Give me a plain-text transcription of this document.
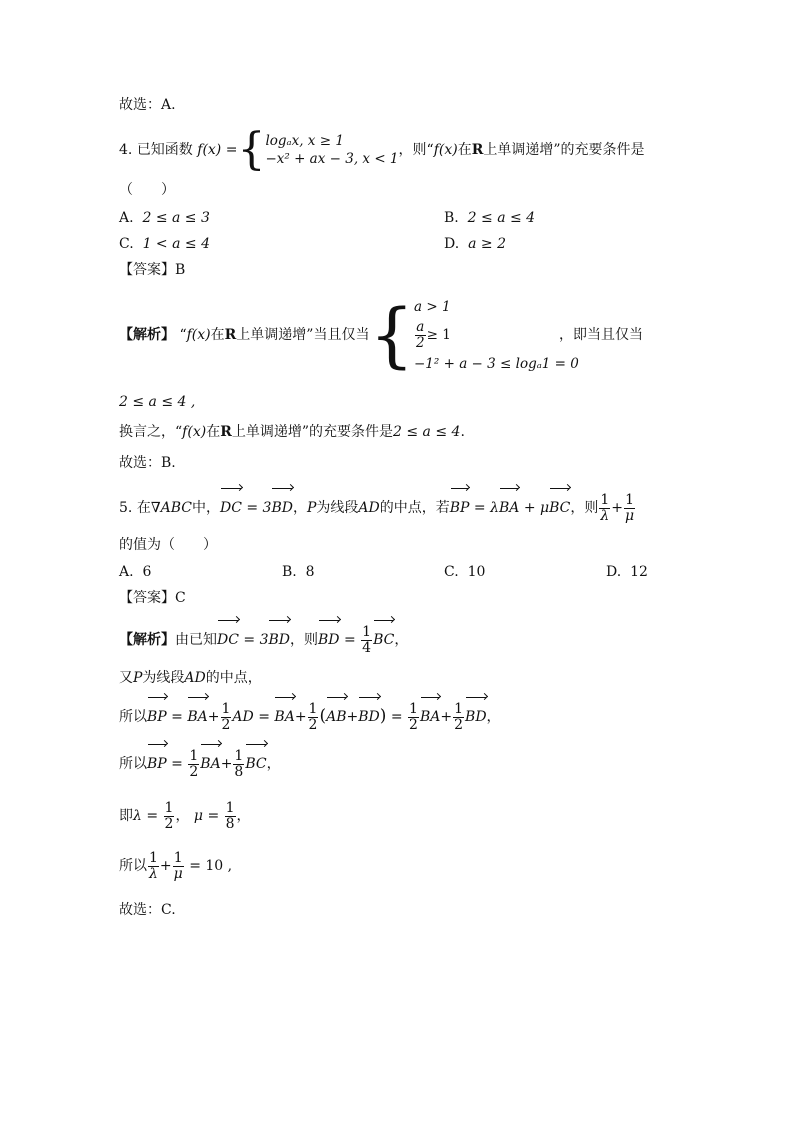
故选：A.
4. 已知函数 f(x) ={ logₐx, x ≥ 1
−x² + ax − 3, x < 1
，则“f(x)在R上单调递增”的充要条件是
（　　）
A. 2 ≤ a ≤ 3	B. 2 ≤ a ≤ 4
C. 1 < a ≤ 4	D. a ≥ 2
【答案】B
【解析】 “f(x)在R上单调递增”当且仅当{ a > 1
$\frac{a}{2} \ge 1$
−1² + a − 3 ≤ logₐ1 = 0
，即当且仅当
2 ≤ a ≤ 4 ,
换言之，“f(x)在R上单调递增”的充要条件是2 ≤ a ≤ 4.
故选：B.
5. 在∇ABC中，DC = 3BD，P为线段AD的中点，若BP = λBA + μBC，则 $\frac{1}{\lambda} + \frac{1}{\mu}$
的值为（　　）
A. 6	B. 8	C. 10	D. 12
【答案】C
【解析】由已知DC = 3BD，则BD = $\frac{1}{4}$ BC，
又P为线段AD的中点，
所以BP = $BA+ \frac{1}{2}$ AD = $BA+ \frac{1}{2} (AB+BD) = \frac{1}{2} BA+ \frac{1}{2}$ BD，
所以BP = $\frac{1}{2} BA+ \frac{1}{8}$ BC，
即$\lambda = \frac{1}{2}$ ， $\mu = \frac{1}{8}$ ，
所以 $\frac{1}{\lambda} + \frac{1}{\mu} = 10$ ,
故选：C.
